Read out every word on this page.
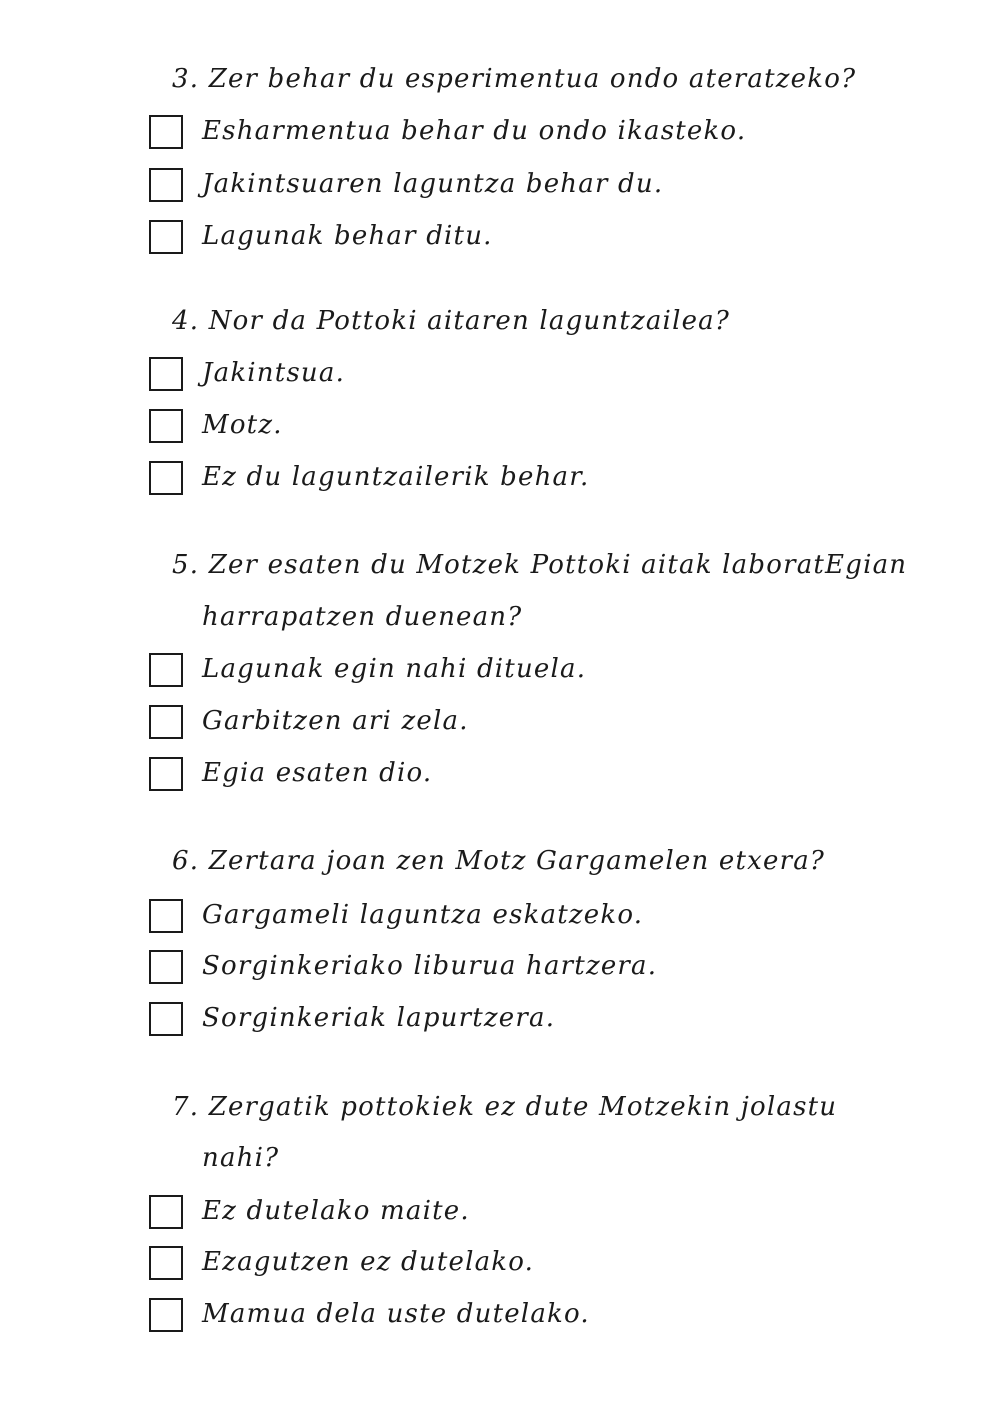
3. Zer behar du esperimentua ondo ateratzeko?
Esharmentua behar du ondo ikasteko.
Jakintsuaren laguntza behar du.
Lagunak behar ditu.
4. Nor da Pottoki aitaren laguntzailea?
Jakintsua.
Motz.
Ez du laguntzailerik behar.
5. Zer esaten du Motzek Pottoki aitak laboratEgian
harrapatzen duenean?
Lagunak egin nahi dituela.
Garbitzen ari zela.
Egia esaten dio.
6. Zertara joan zen Motz Gargamelen etxera?
Gargameli laguntza eskatzeko.
Sorginkeriako liburua hartzera.
Sorginkeriak lapurtzera.
7. Zergatik pottokiek ez dute Motzekin jolastu
nahi?
Ez dutelako maite.
Ezagutzen ez dutelako.
Mamua dela uste dutelako.
